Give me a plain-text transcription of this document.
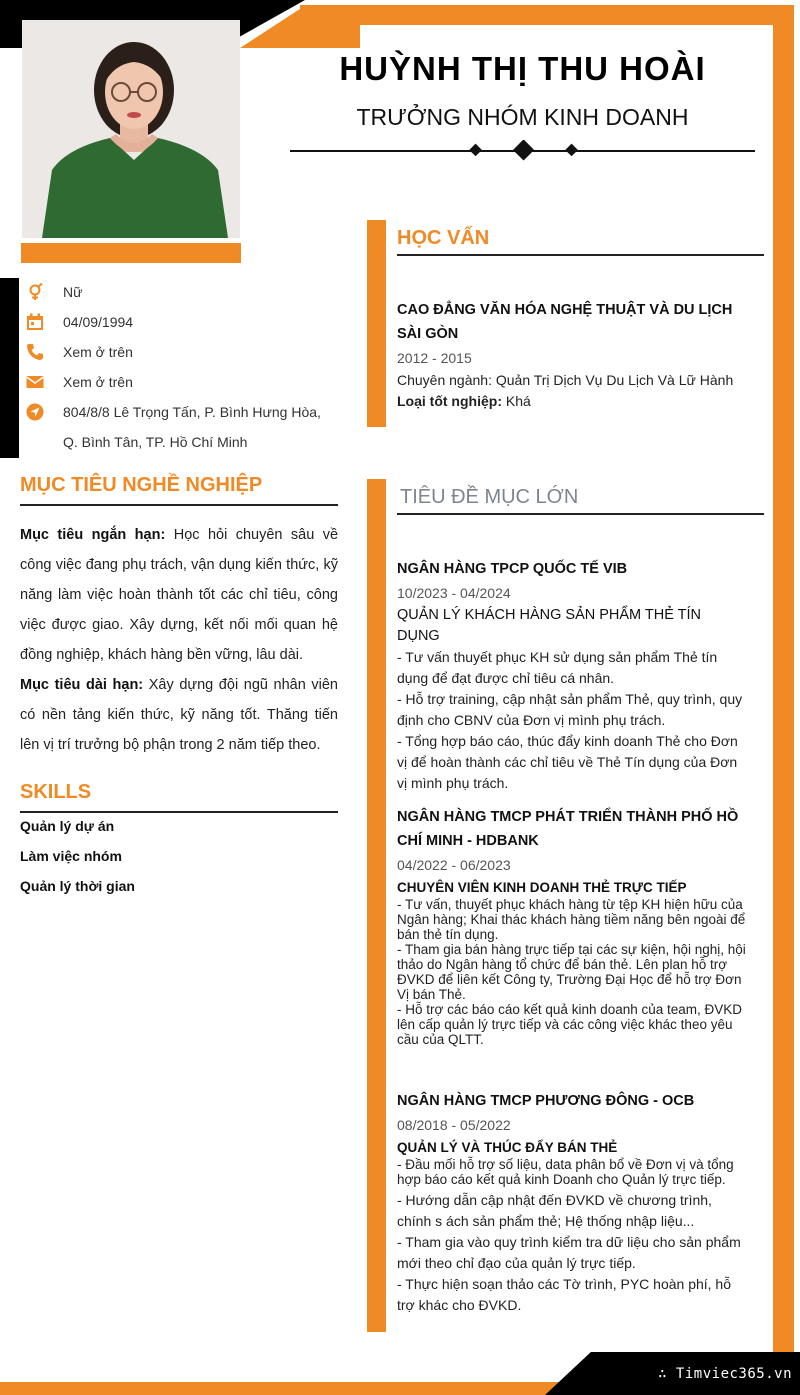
∴ Timviec365.vn
HUỲNH THỊ THU HOÀI
TRƯỞNG NHÓM KINH DOANH
Nữ
04/09/1994
Xem ở trên
Xem ở trên
804/8/8 Lê Trọng Tấn, P. Bình Hưng Hòa,
Q. Bình Tân, TP. Hồ Chí Minh
MỤC TIÊU NGHỀ NGHIỆP
Mục tiêu ngắn hạn: Học hỏi chuyên sâu về công việc đang phụ trách, vận dụng kiến thức, kỹ năng làm việc hoàn thành tốt các chỉ tiêu, công việc được giao. Xây dựng, kết nối mối quan hệ đồng nghiệp, khách hàng bền vững, lâu dài.
Mục tiêu dài hạn: Xây dựng đội ngũ nhân viên có nền tảng kiến thức, kỹ năng tốt. Thăng tiến lên vị trí trưởng bộ phận trong 2 năm tiếp theo.
SKILLS
Quản lý dự án
Làm việc nhóm
Quản lý thời gian
HỌC VẤN
CAO ĐẲNG VĂN HÓA NGHỆ THUẬT VÀ DU LỊCH
SÀI GÒN
2012 - 2015
Chuyên ngành: Quản Trị Dịch Vụ Du Lịch Và Lữ Hành
Loại tốt nghiệp: Khá
TIÊU ĐỀ MỤC LỚN
NGÂN HÀNG TPCP QUỐC TẾ VIB
10/2023 - 04/2024
QUẢN LÝ KHÁCH HÀNG SẢN PHẨM THẺ TÍN DỤNG
- Tư vấn thuyết phục KH sử dụng sản phẩm Thẻ tín dụng để đạt được chỉ tiêu cá nhân.
- Hỗ trợ training, cập nhật sản phẩm Thẻ, quy trình, quy định cho CBNV của Đơn vị mình phụ trách.
- Tổng hợp báo cáo, thúc đẩy kinh doanh Thẻ cho Đơn vị để hoàn thành các chỉ tiêu về Thẻ Tín dụng của Đơn vị mình phụ trách.
NGÂN HÀNG TMCP PHÁT TRIỂN THÀNH PHỐ HỒ
CHÍ MINH - HDBANK
04/2022 - 06/2023
CHUYÊN VIÊN KINH DOANH THẺ TRỰC TIẾP
- Tư vấn, thuyết phục khách hàng từ tệp KH hiện hữu của Ngân hàng; Khai thác khách hàng tiềm năng bên ngoài để bán thẻ tín dụng.
- Tham gia bán hàng trực tiếp tại các sự kiện, hội nghị, hội thảo do Ngân hàng tổ chức để bán thẻ. Lên plan hỗ trợ ĐVKD để liên kết Công ty, Trường Đại Học để hỗ trợ Đơn Vị bán Thẻ.
- Hỗ trợ các báo cáo kết quả kinh doanh của team, ĐVKD lên cấp quản lý trực tiếp và các công việc khác theo yêu cầu của QLTT.
NGÂN HÀNG TMCP PHƯƠNG ĐÔNG - OCB
08/2018 - 05/2022
QUẢN LÝ VÀ THÚC ĐẨY BÁN THẺ
- Đầu mối hỗ trợ số liệu, data phân bổ về Đơn vị và tổng hợp báo cáo kết quả kinh Doanh cho Quản lý trực tiếp.
- Hướng dẫn cập nhật đến ĐVKD về chương trình, chính s ách sản phẩm thẻ; Hệ thống nhập liệu...
- Tham gia vào quy trình kiểm tra dữ liệu cho sản phẩm mới theo chỉ đạo của quản lý trực tiếp.
- Thực hiện soạn thảo các Tờ trình, PYC hoàn phí, hỗ trợ khác cho ĐVKD.
